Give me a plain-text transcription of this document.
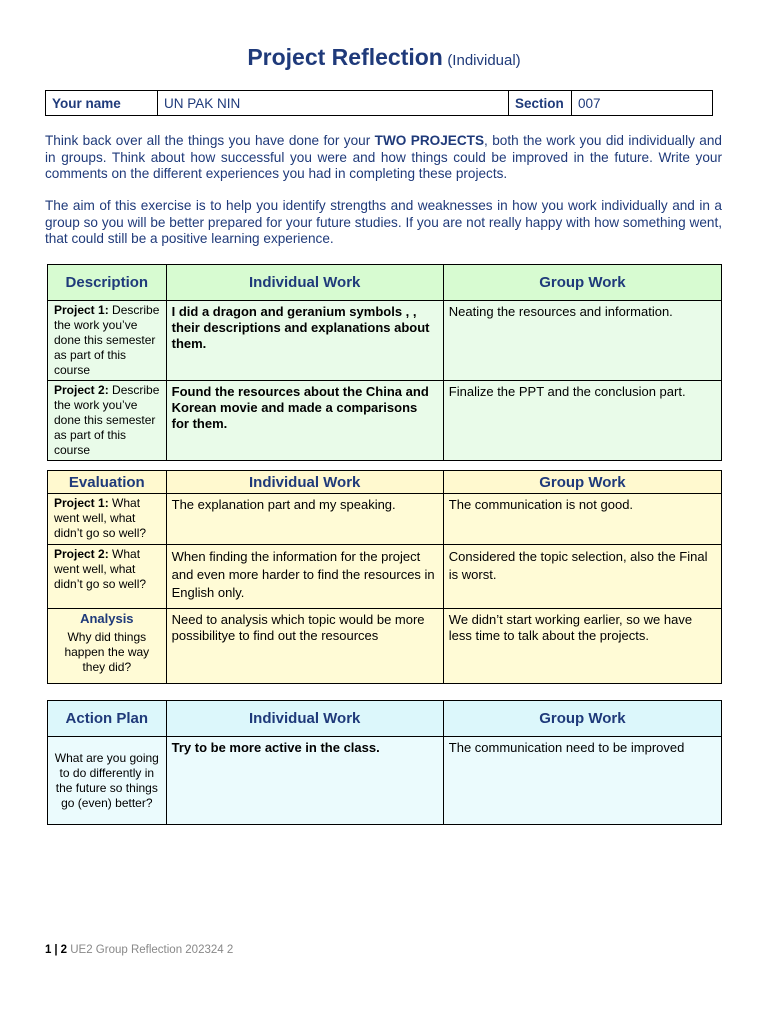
Project Reflection (Individual)
Your name	UN PAK NIN	Section	007

Think back over all the things you have done for your TWO PROJECTS, both the work you did individually and in groups. Think about how successful you were and how things could be improved in the future. Write your comments on the different experiences you had in completing these projects.

The aim of this exercise is to help you identify strengths and weaknesses in how you work individually and in a group so you will be better prepared for your future studies. If you are not really happy with how something went, that could still be a positive learning experience.

Description	Individual Work	Group Work
Project 1: Describe the work you’ve done this semester as part of this course	I did a dragon and geranium symbols , , their descriptions and explanations about them.	Neating the resources and information.
Project 2: Describe the work you’ve done this semester as part of this course	Found the resources about the China and Korean movie and made a comparisons for them.	Finalize the PPT and the conclusion part.
Evaluation	Individual Work	Group Work
Project 1: What went well, what didn’t go so well?	The explanation part and my speaking.	The communication is not good.
Project 2: What went well, what didn’t go so well?	When finding the information for the project and even more harder to find the resources in English only.	Considered the topic selection, also the Final is worst.

Analysis
Why did things happen the way they did?	Need to analysis which topic would be more possibilitye to find out the resources	We didn’t start working earlier, so we have less time to talk about the projects.
Action Plan	Individual Work	Group Work
What are you going to do differently in the future so things go (even) better?	Try to be more active in the class.	The communication need to be improved
1 | 2 UE2 Group Reflection 202324 2
